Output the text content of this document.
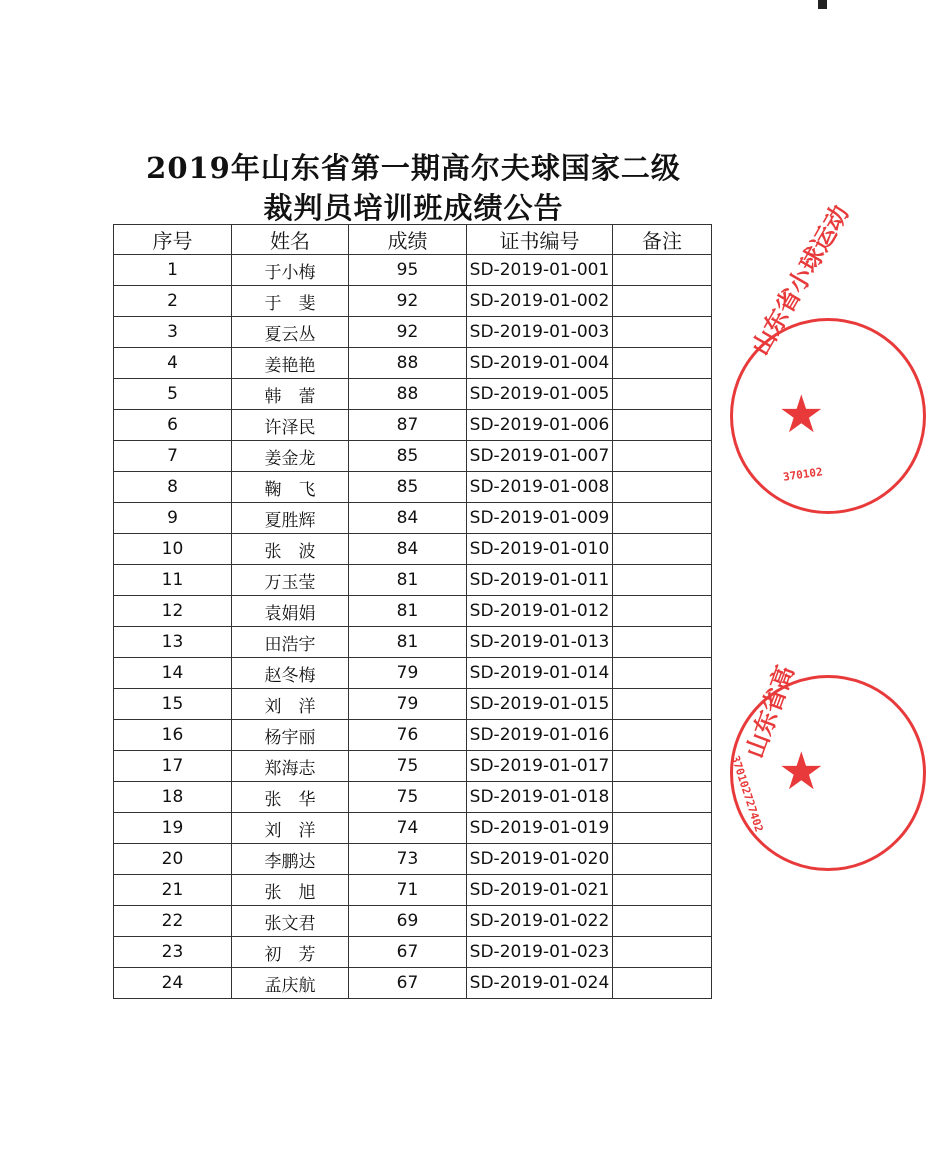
2019年山东省第一期高尔夫球国家二级
裁判员培训班成绩公告
序号	姓名	成绩	证书编号	备注
1	于小梅	95	SD-2019-01-001	
2	于　斐	92	SD-2019-01-002	
3	夏云丛	92	SD-2019-01-003	
4	姜艳艳	88	SD-2019-01-004	
5	韩　蕾	88	SD-2019-01-005	
6	许泽民	87	SD-2019-01-006	
7	姜金龙	85	SD-2019-01-007	
8	鞠　飞	85	SD-2019-01-008	
9	夏胜辉	84	SD-2019-01-009	
10	张　波	84	SD-2019-01-010	
11	万玉莹	81	SD-2019-01-011	
12	袁娟娟	81	SD-2019-01-012	
13	田浩宇	81	SD-2019-01-013	
14	赵冬梅	79	SD-2019-01-014	
15	刘　洋	79	SD-2019-01-015	
16	杨宇丽	76	SD-2019-01-016	
17	郑海志	75	SD-2019-01-017	
18	张　华	75	SD-2019-01-018	
19	刘　洋	74	SD-2019-01-019	
20	李鹏达	73	SD-2019-01-020	
21	张　旭	71	SD-2019-01-021	
22	张文君	69	SD-2019-01-022	
23	初　芳	67	SD-2019-01-023	
24	孟庆航	67	SD-2019-01-024	
山东省小球运动
★
370102
山东省高
★
370102727402
